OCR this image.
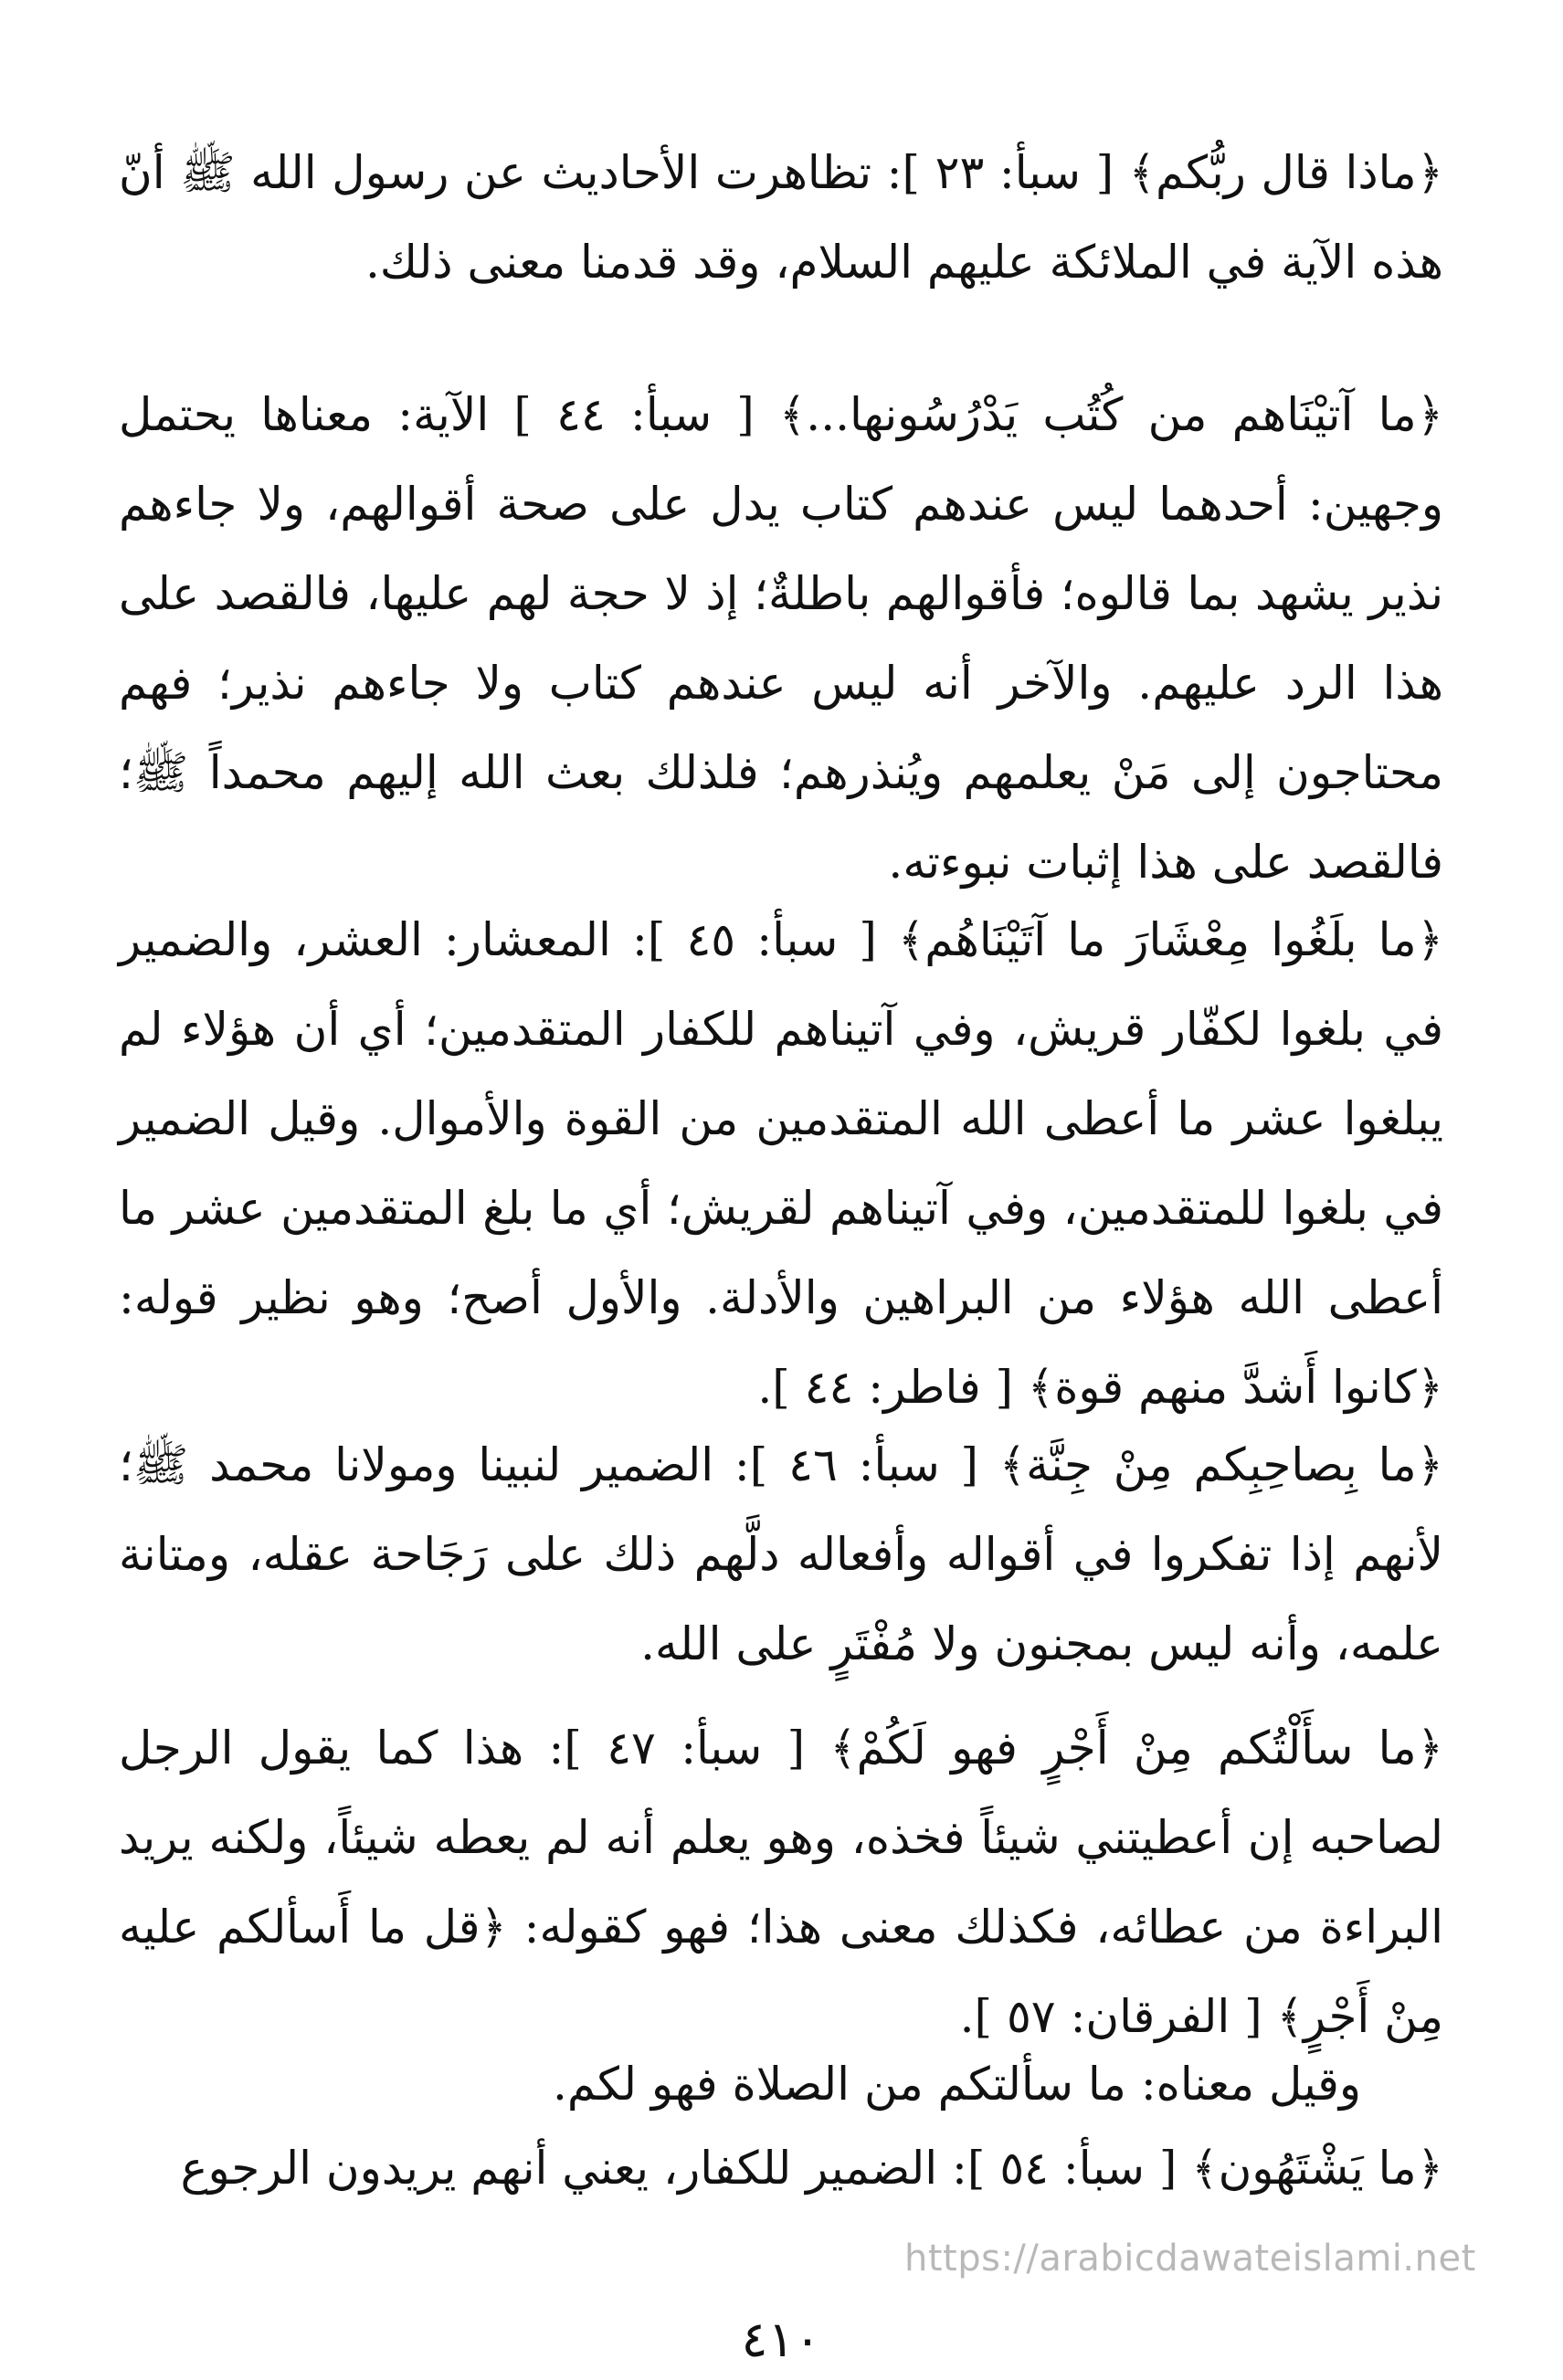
﴿ماذا قال ربُّكم﴾ [ سبأ: ٢٣ ]: تظاهرت الأحاديث عن رسول الله ﷺ أنّ هذه الآية في الملائكة عليهم السلام، وقد قدمنا معنى ذلك.

﴿ما آتيْنَاهم من كُتُب يَدْرُسُونها...﴾ [ سبأ: ٤٤ ] الآية: معناها يحتمل وجهين: أحدهما ليس عندهم كتاب يدل على صحة أقوالهم، ولا جاءهم نذير يشهد بما قالوه؛ فأقوالهم باطلةٌ؛ إذ لا حجة لهم عليها، فالقصد على هذا الرد عليهم. والآخر أنه ليس عندهم كتاب ولا جاءهم نذير؛ فهم محتاجون إلى مَنْ يعلمهم ويُنذرهم؛ فلذلك بعث الله إليهم محمداً ﷺ؛ فالقصد على هذا إثبات نبوءته.

﴿ما بلَغُوا مِعْشَارَ ما آتَيْنَاهُم﴾ [ سبأ: ٤٥ ]: المعشار: العشر، والضمير في بلغوا لكفّار قريش، وفي آتيناهم للكفار المتقدمين؛ أي أن هؤلاء لم يبلغوا عشر ما أعطى الله المتقدمين من القوة والأموال. وقيل الضمير في بلغوا للمتقدمين، وفي آتيناهم لقريش؛ أي ما بلغ المتقدمين عشر ما أعطى الله هؤلاء من البراهين والأدلة. والأول أصح؛ وهو نظير قوله: ﴿كانوا أَشدَّ منهم قوة﴾ [ فاطر: ٤٤ ].

﴿ما بِصاحِبِكم مِنْ جِنَّة﴾ [ سبأ: ٤٦ ]: الضمير لنبينا ومولانا محمد ﷺ؛ لأنهم إذا تفكروا في أقواله وأفعاله دلَّهم ذلك على رَجَاحة عقله، ومتانة علمه، وأنه ليس بمجنون ولا مُفْتَرٍ على الله.

﴿ما سأَلْتُكم مِنْ أَجْرٍ فهو لَكُمْ﴾ [ سبأ: ٤٧ ]: هذا كما يقول الرجل لصاحبه إن أعطيتني شيئاً فخذه، وهو يعلم أنه لم يعطه شيئاً، ولكنه يريد البراءة من عطائه، فكذلك معنى هذا؛ فهو كقوله: ﴿قل ما أَسألكم عليه مِنْ أَجْرٍ﴾ [ الفرقان: ٥٧ ].

وقيل معناه: ما سألتكم من الصلاة فهو لكم.

﴿ما يَشْتَهُون﴾ [ سبأ: ٥٤ ]: الضمير للكفار، يعني أنهم يريدون الرجوع

٤١٠
https://arabicdawateislami.net
